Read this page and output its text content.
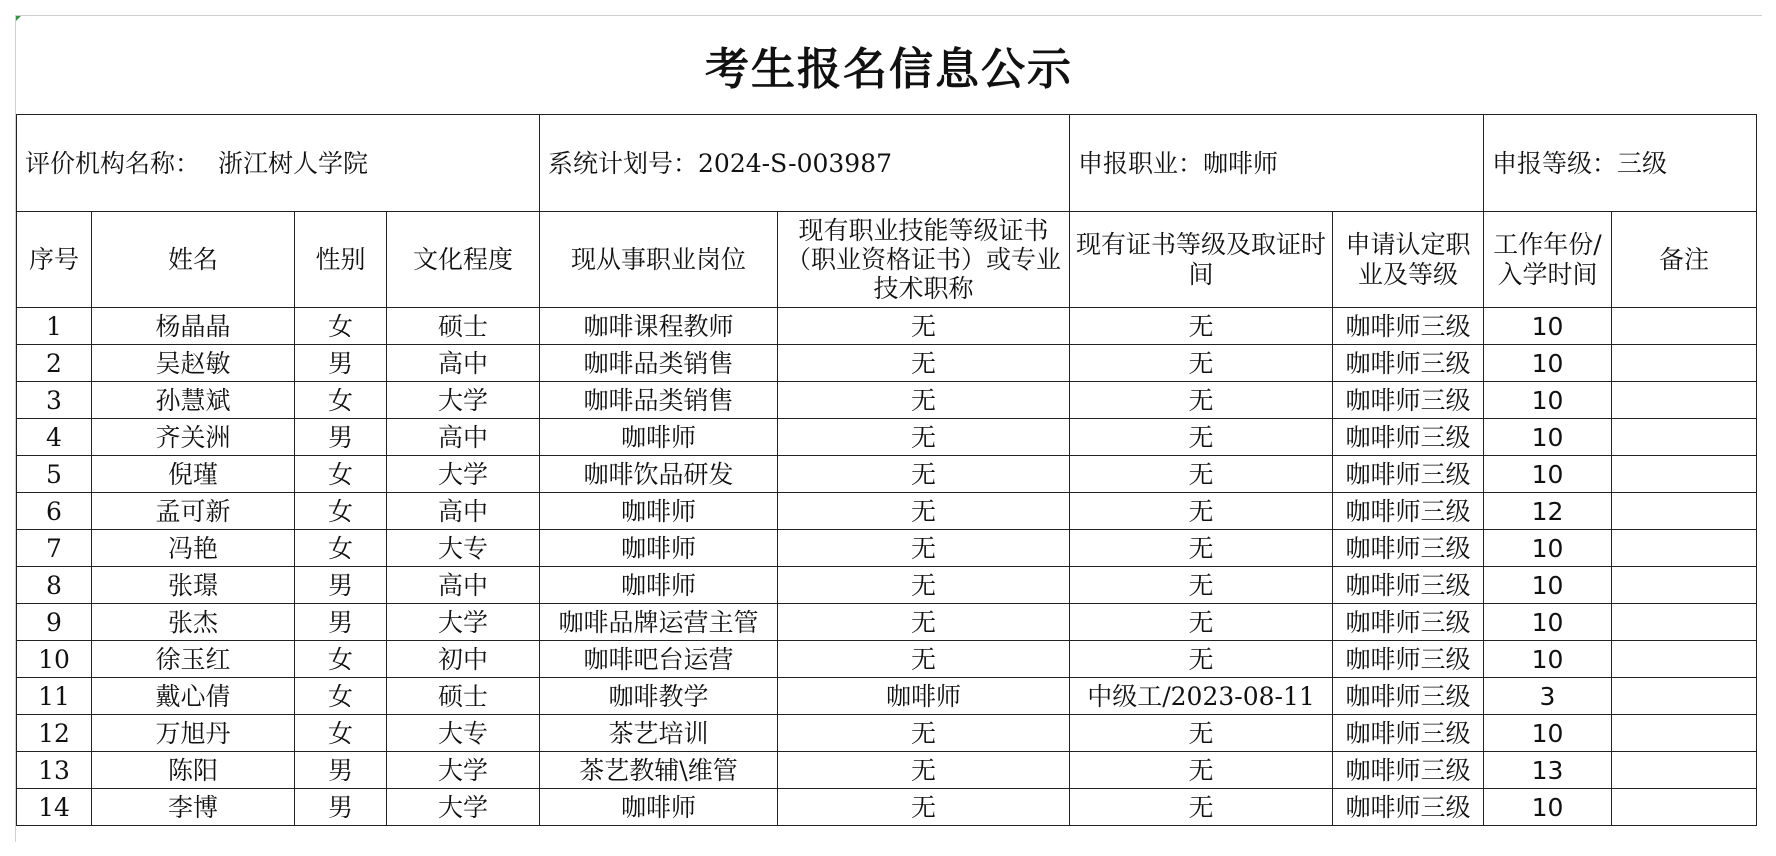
考生报名信息公示
评价机构名称： 浙江树人学院				系统计划号：2024-S-003987		申报职业：咖啡师		申报等级：三级	
序号	姓名	性别	文化程度	现从事职业岗位	现有职业技能等级证书（职业资格证书）或专业技术职称	现有证书等级及取证时间	申请认定职业及等级	工作年份/入学时间	备注
1	杨晶晶	女	硕士	咖啡课程教师	无	无	咖啡师三级	10	
2	吴赵敏	男	高中	咖啡品类销售	无	无	咖啡师三级	10	
3	孙慧斌	女	大学	咖啡品类销售	无	无	咖啡师三级	10	
4	齐关洲	男	高中	咖啡师	无	无	咖啡师三级	10	
5	倪瑾	女	大学	咖啡饮品研发	无	无	咖啡师三级	10	
6	孟可新	女	高中	咖啡师	无	无	咖啡师三级	12	
7	冯艳	女	大专	咖啡师	无	无	咖啡师三级	10	
8	张璟	男	高中	咖啡师	无	无	咖啡师三级	10	
9	张杰	男	大学	咖啡品牌运营主管	无	无	咖啡师三级	10	
10	徐玉红	女	初中	咖啡吧台运营	无	无	咖啡师三级	10	
11	戴心倩	女	硕士	咖啡教学	咖啡师	中级工/2023-08-11	咖啡师三级	3	
12	万旭丹	女	大专	茶艺培训	无	无	咖啡师三级	10	
13	陈阳	男	大学	茶艺教辅\维管	无	无	咖啡师三级	13	
14	李博	男	大学	咖啡师	无	无	咖啡师三级	10	
